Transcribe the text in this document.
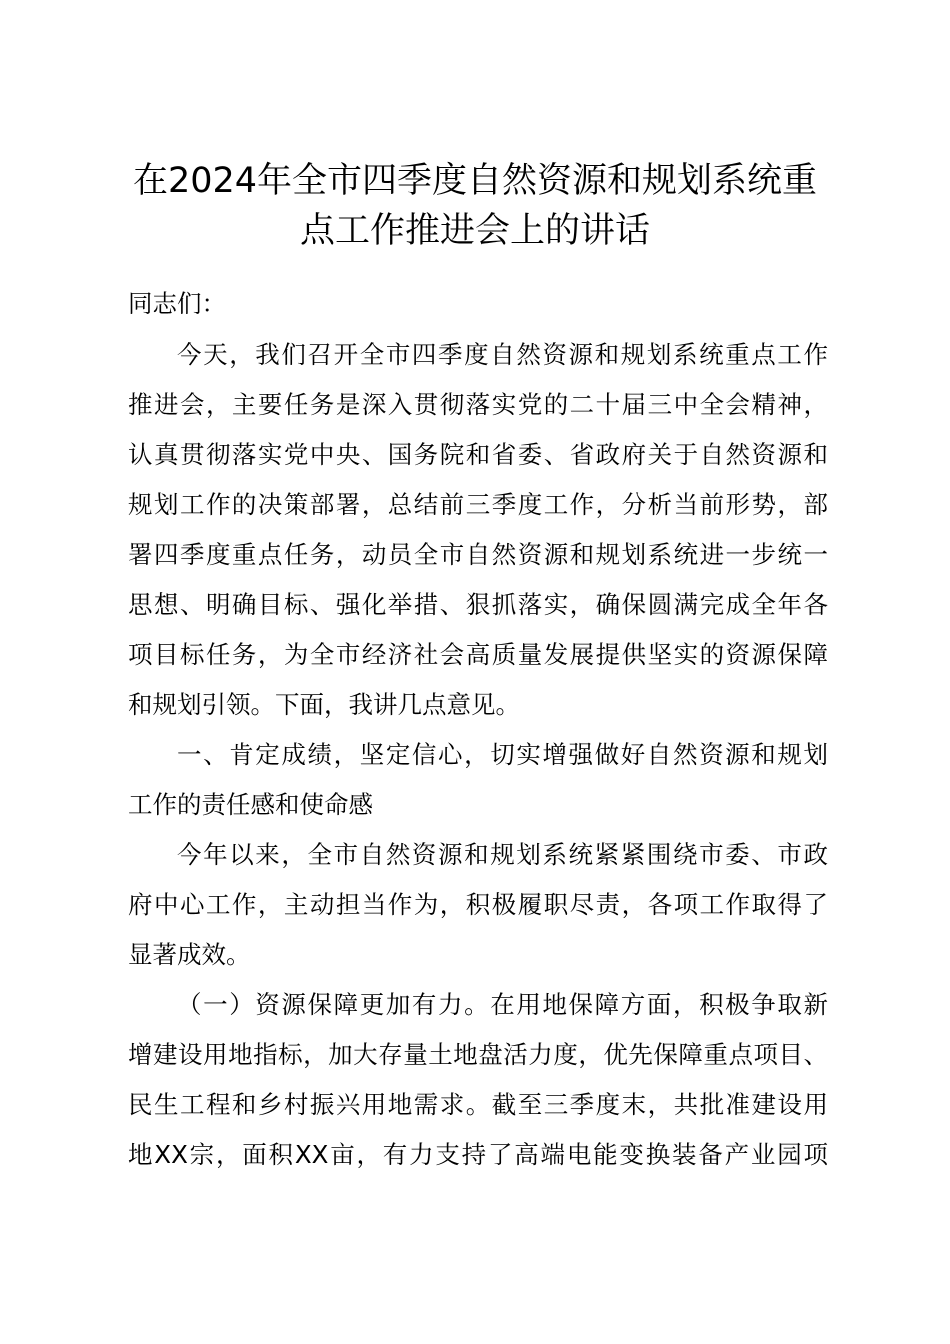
在2024年全市四季度自然资源和规划系统重
点工作推进会上的讲话
同志们：
今天，我们召开全市四季度自然资源和规划系统重点工作
推进会，主要任务是深入贯彻落实党的二十届三中全会精神，
认真贯彻落实党中央、国务院和省委、省政府关于自然资源和
规划工作的决策部署，总结前三季度工作，分析当前形势，部
署四季度重点任务，动员全市自然资源和规划系统进一步统一
思想、明确目标、强化举措、狠抓落实，确保圆满完成全年各
项目标任务，为全市经济社会高质量发展提供坚实的资源保障
和规划引领。下面，我讲几点意见。
一、肯定成绩，坚定信心，切实增强做好自然资源和规划
工作的责任感和使命感
今年以来，全市自然资源和规划系统紧紧围绕市委、市政
府中心工作，主动担当作为，积极履职尽责，各项工作取得了
显著成效。
（一）资源保障更加有力。在用地保障方面，积极争取新
增建设用地指标，加大存量土地盘活力度，优先保障重点项目、
民生工程和乡村振兴用地需求。截至三季度末，共批准建设用
地XX宗，面积XX亩，有力支持了高端电能变换装备产业园项
